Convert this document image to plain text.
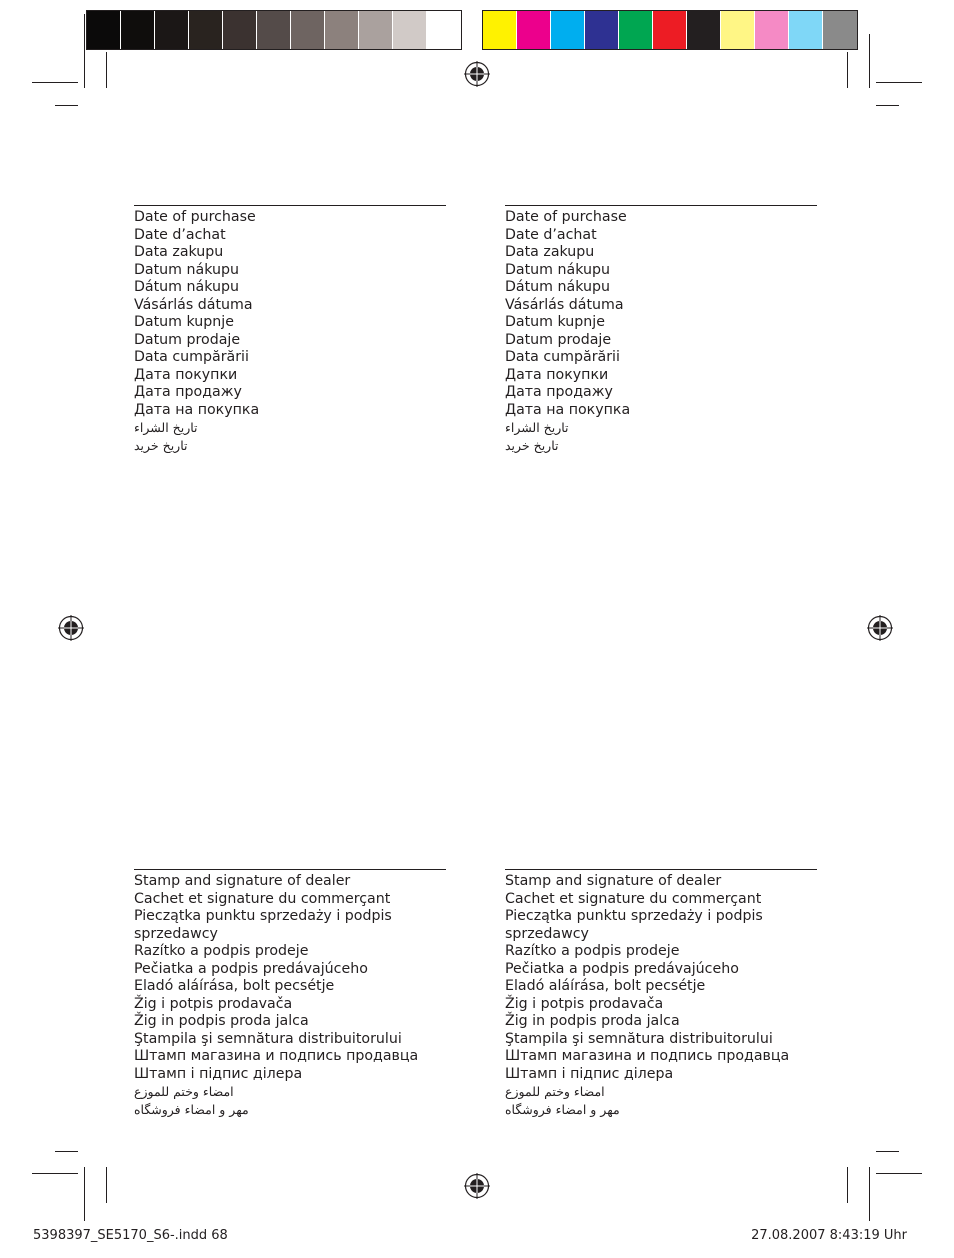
Date of purchase
Date d’achat
Data zakupu
Datum nákupu
Dátum nákupu
Vásárlás dátuma
Datum kupnje
Datum prodaje
Data cumpărării
Дата покупки
Дата продажу
Дата на покупка
تاريخ الشراء
تاریخ خرید
Date of purchase
Date d’achat
Data zakupu
Datum nákupu
Dátum nákupu
Vásárlás dátuma
Datum kupnje
Datum prodaje
Data cumpărării
Дата покупки
Дата продажу
Дата на покупка
تاريخ الشراء
تاریخ خرید
Stamp and signature of dealer
Cachet et signature du commerçant
Pieczątka punktu sprzedaży i podpis sprzedawcy
Razítko a podpis prodeje
Pečiatka a podpis predávajúceho
Eladó aláírása, bolt pecsétje
Žig i potpis prodavača
Žig in podpis proda jalca
Ştampila şi semnătura distribuitorului
Штамп магазина и подпись продавца
Штамп і підпис ділера
امضاء وختم للموزع
مهر و امضاء فروشگاه
Stamp and signature of dealer
Cachet et signature du commerçant
Pieczątka punktu sprzedaży i podpis sprzedawcy
Razítko a podpis prodeje
Pečiatka a podpis predávajúceho
Eladó aláírása, bolt pecsétje
Žig i potpis prodavača
Žig in podpis proda jalca
Ştampila şi semnătura distribuitorului
Штамп магазина и подпись продавца
Штамп і підпис ділера
امضاء وختم للموزع
مهر و امضاء فروشگاه
5398397_SE5170_S6-.indd 68	27.08.2007 8:43:19 Uhr
